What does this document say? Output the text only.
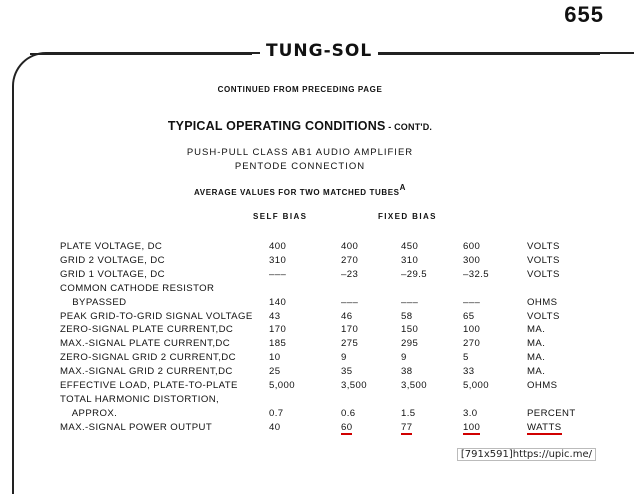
655
TUNG-SOL
CONTINUED FROM PRECEDING PAGE
TYPICAL OPERATING CONDITIONS - CONT'D.
PUSH-PULL CLASS AB1 AUDIO AMPLIFIER
PENTODE CONNECTION
AVERAGE VALUES FOR TWO MATCHED $TUBES^A$
SELF BIAS	FIXED BIAS
PLATE VOLTAGE, DC	400	400	450	600	VOLTS
GRID 2 VOLTAGE, DC	310	270	310	300	VOLTS
GRID 1 VOLTAGE, DC	–––	–23	–29.5	–32.5	VOLTS
COMMON CATHODE RESISTOR
BYPASSED	140	–––	–––	–––	OHMS
PEAK GRID-TO-GRID SIGNAL VOLTAGE 43	46	58	65	VOLTS
ZERO-SIGNAL PLATE CURRENT,DC	170	170	150	100	MA.
MAX.-SIGNAL PLATE CURRENT,DC	185	275	295	270	MA.
ZERO-SIGNAL GRID 2 CURRENT,DC	10	9	9	5	MA.
MAX.-SIGNAL GRID 2 CURRENT,DC	25	35	38	33	MA.
EFFECTIVE LOAD, PLATE-TO-PLATE	5,000	3,500	3,500	5,000	OHMS
TOTAL HARMONIC DISTORTION,
APPROX.	0.7	0.6	1.5	3.0	PERCENT
MAX.-SIGNAL POWER OUTPUT	40	60	77	100	WATTS
[791x591]https://upic.me/
